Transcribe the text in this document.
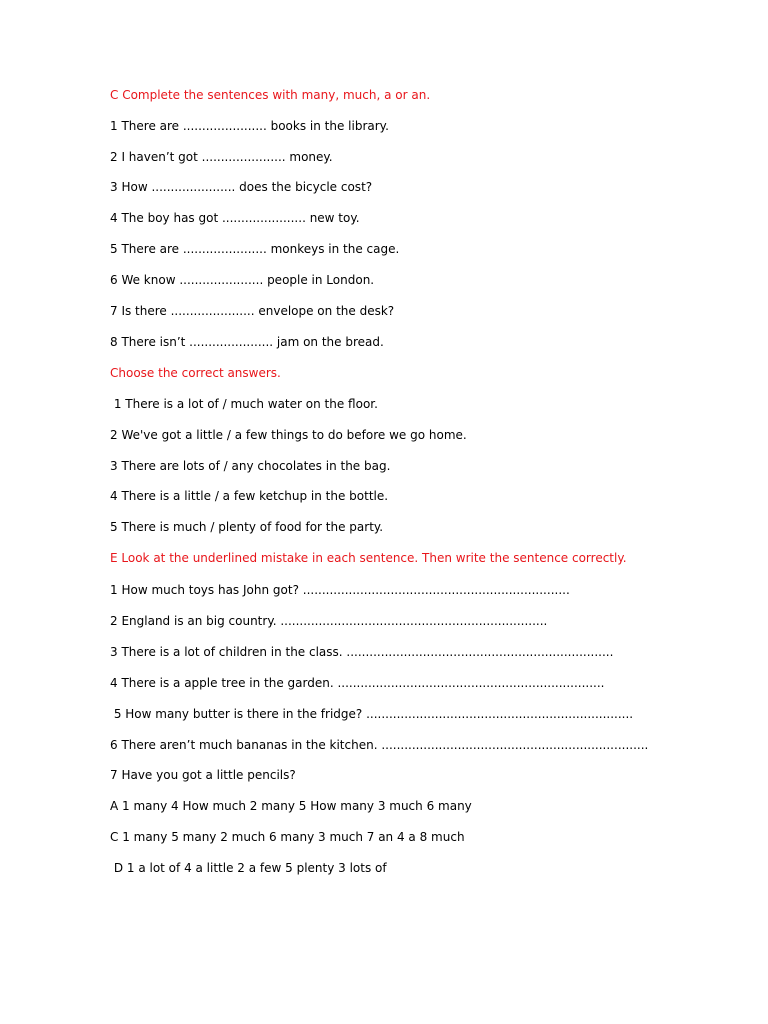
C Complete the sentences with many, much, a or an.
1 There are ...................... books in the library.
2 I haven’t got ...................... money.
3 How ...................... does the bicycle cost?
4 The boy has got ...................... new toy.
5 There are ...................... monkeys in the cage.
6 We know ...................... people in London.
7 Is there ...................... envelope on the desk?
8 There isn’t ...................... jam on the bread.
Choose the correct answers.
1 There is a lot of / much water on the floor.
2 We've got a little / a few things to do before we go home.
3 There are lots of / any chocolates in the bag.
4 There is a little / a few ketchup in the bottle.
5 There is much / plenty of food for the party.
E Look at the underlined mistake in each sentence. Then write the sentence correctly.
1 How much toys has John got? ......................................................................
2 England is an big country. ......................................................................
3 There is a lot of children in the class. ......................................................................
4 There is a apple tree in the garden. ......................................................................
5 How many butter is there in the fridge? ......................................................................
6 There aren’t much bananas in the kitchen. ......................................................................
7 Have you got a little pencils?
A 1 many 4 How much 2 many 5 How many 3 much 6 many
C 1 many 5 many 2 much 6 many 3 much 7 an 4 a 8 much
D 1 a lot of 4 a little 2 a few 5 plenty 3 lots of
